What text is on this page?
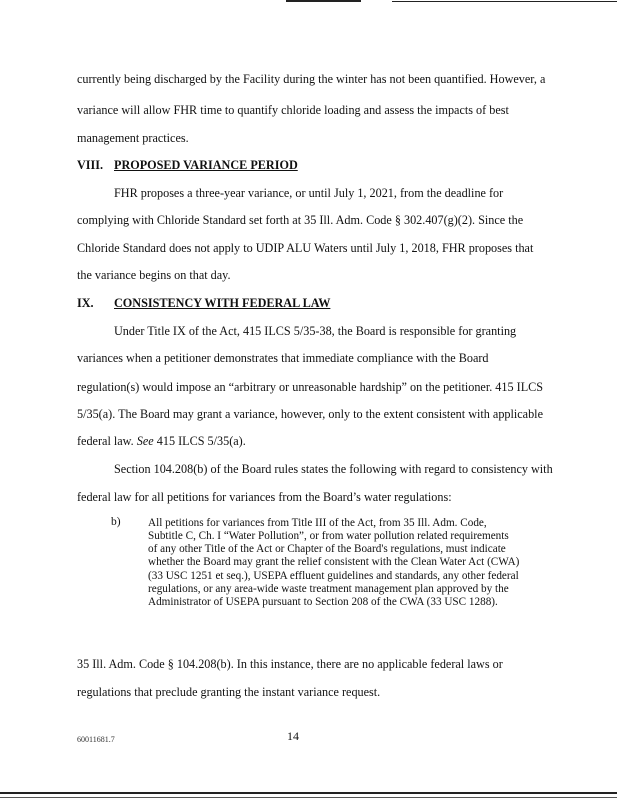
currently being discharged by the Facility during the winter has not been quantified. However, a
variance will allow FHR time to quantify chloride loading and assess the impacts of best
management practices.
VIII. PROPOSED VARIANCE PERIOD
FHR proposes a three-year variance, or until July 1, 2021, from the deadline for
complying with Chloride Standard set forth at 35 Ill. Adm. Code § 302.407(g)(2). Since the
Chloride Standard does not apply to UDIP ALU Waters until July 1, 2018, FHR proposes that
the variance begins on that day.
IX. CONSISTENCY WITH FEDERAL LAW
Under Title IX of the Act, 415 ILCS 5/35-38, the Board is responsible for granting
variances when a petitioner demonstrates that immediate compliance with the Board
regulation(s) would impose an “arbitrary or unreasonable hardship” on the petitioner. 415 ILCS
5/35(a). The Board may grant a variance, however, only to the extent consistent with applicable
federal law. See 415 ILCS 5/35(a).
Section 104.208(b) of the Board rules states the following with regard to consistency with
federal law for all petitions for variances from the Board’s water regulations:
b) All petitions for variances from Title III of the Act, from 35 Ill. Adm. Code, Subtitle C, Ch. I “Water Pollution”, or from water pollution related requirements of any other Title of the Act or Chapter of the Board's regulations, must indicate whether the Board may grant the relief consistent with the Clean Water Act (CWA) (33 USC 1251 et seq.), USEPA effluent guidelines and standards, any other federal regulations, or any area-wide waste treatment management plan approved by the Administrator of USEPA pursuant to Section 208 of the CWA (33 USC 1288).
35 Ill. Adm. Code § 104.208(b). In this instance, there are no applicable federal laws or
regulations that preclude granting the instant variance request.
60011681.7	14
